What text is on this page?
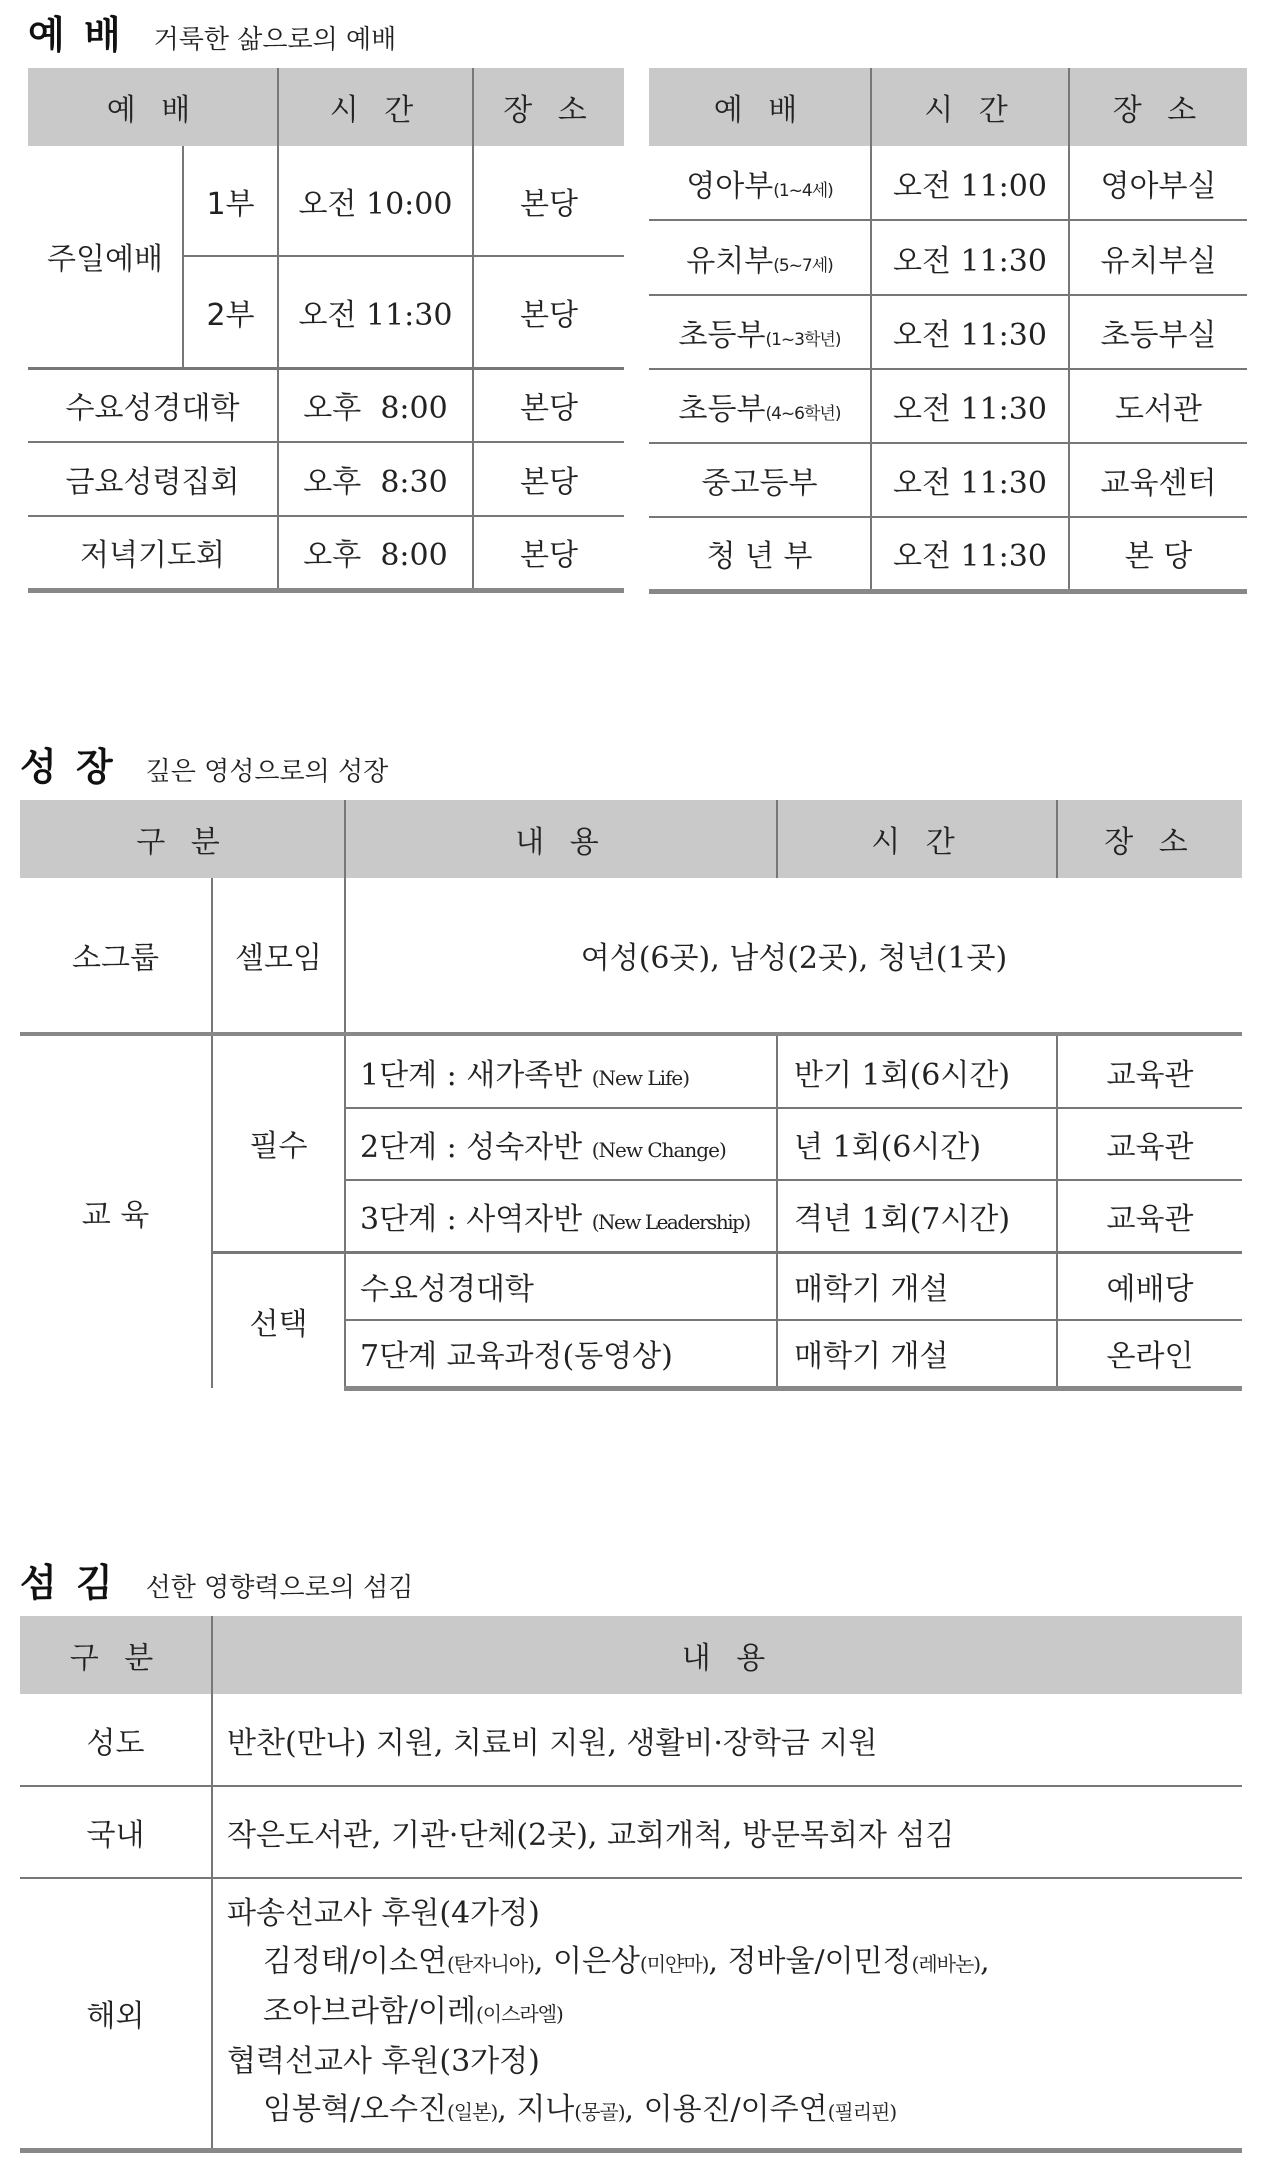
예 배 거룩한 삶으로의 예배
예 배		시 간	장 소
주일예배	1부	오전 10:00	본당
	2부	오전 11:30	본당
수요성경대학		오후  8:00	본당
금요성령집회		오후  8:30	본당
저녁기도회		오후  8:00	본당
예 배	시 간	장 소
영아부(1~4세)	오전 11:00	영아부실
유치부(5~7세)	오전 11:30	유치부실
초등부(1~3학년)	오전 11:30	초등부실
초등부(4~6학년)	오전 11:30	도서관
중고등부	오전 11:30	교육센터
청 년 부	오전 11:30	본 당
성 장 깊은 영성으로의 성장
구 분		내 용	시 간	장 소
소그룹	셀모임	여성(6곳), 남성(2곳), 청년(1곳)		
교 육	필수	1단계 : 새가족반 (New Life)	반기 1회(6시간)	교육관
		2단계 : 성숙자반 (New Change)	년 1회(6시간)	교육관
		3단계 : 사역자반 (New Leadership)	격년 1회(7시간)	교육관
	선택	수요성경대학	매학기 개설	예배당
		7단계 교육과정(동영상)	매학기 개설	온라인
섬 김 선한 영향력으로의 섬김
구 분	내 용
성도	반찬(만나) 지원, 치료비 지원, 생활비·장학금 지원
국내	작은도서관, 기관·단체(2곳), 교회개척, 방문목회자 섬김
해외	파송선교사 후원(4가정)
김정태/이소연(탄자니아), 이은상(미얀마), 정바울/이민정(레바논),
조아브라함/이레(이스라엘)
협력선교사 후원(3가정)
임봉혁/오수진(일본), 지나(몽골), 이용진/이주연(필리핀)
